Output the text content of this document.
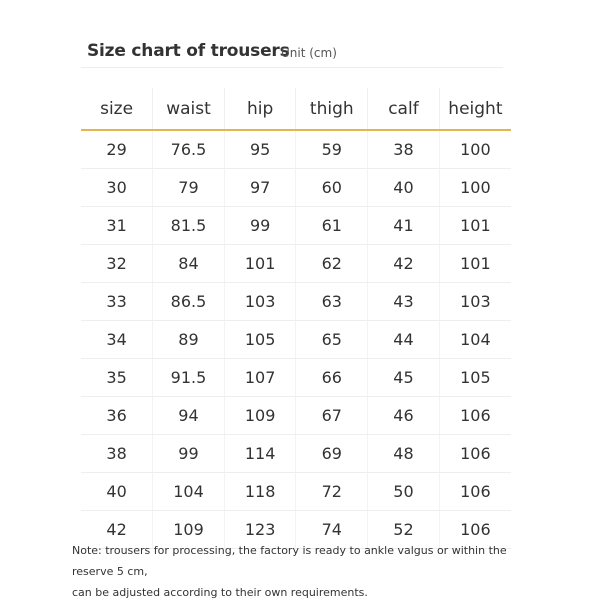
Size chart of trousers
Unit (cm)
size	waist	hip	thigh	calf	height
29	76.5	95	59	38	100
30	79	97	60	40	100
31	81.5	99	61	41	101
32	84	101	62	42	101
33	86.5	103	63	43	103
34	89	105	65	44	104
35	91.5	107	66	45	105
36	94	109	67	46	106
38	99	114	69	48	106
40	104	118	72	50	106
42	109	123	74	52	106
Note: trousers for processing, the factory is ready to ankle valgus or within the reserve 5 cm,
can be adjusted according to their own requirements.
